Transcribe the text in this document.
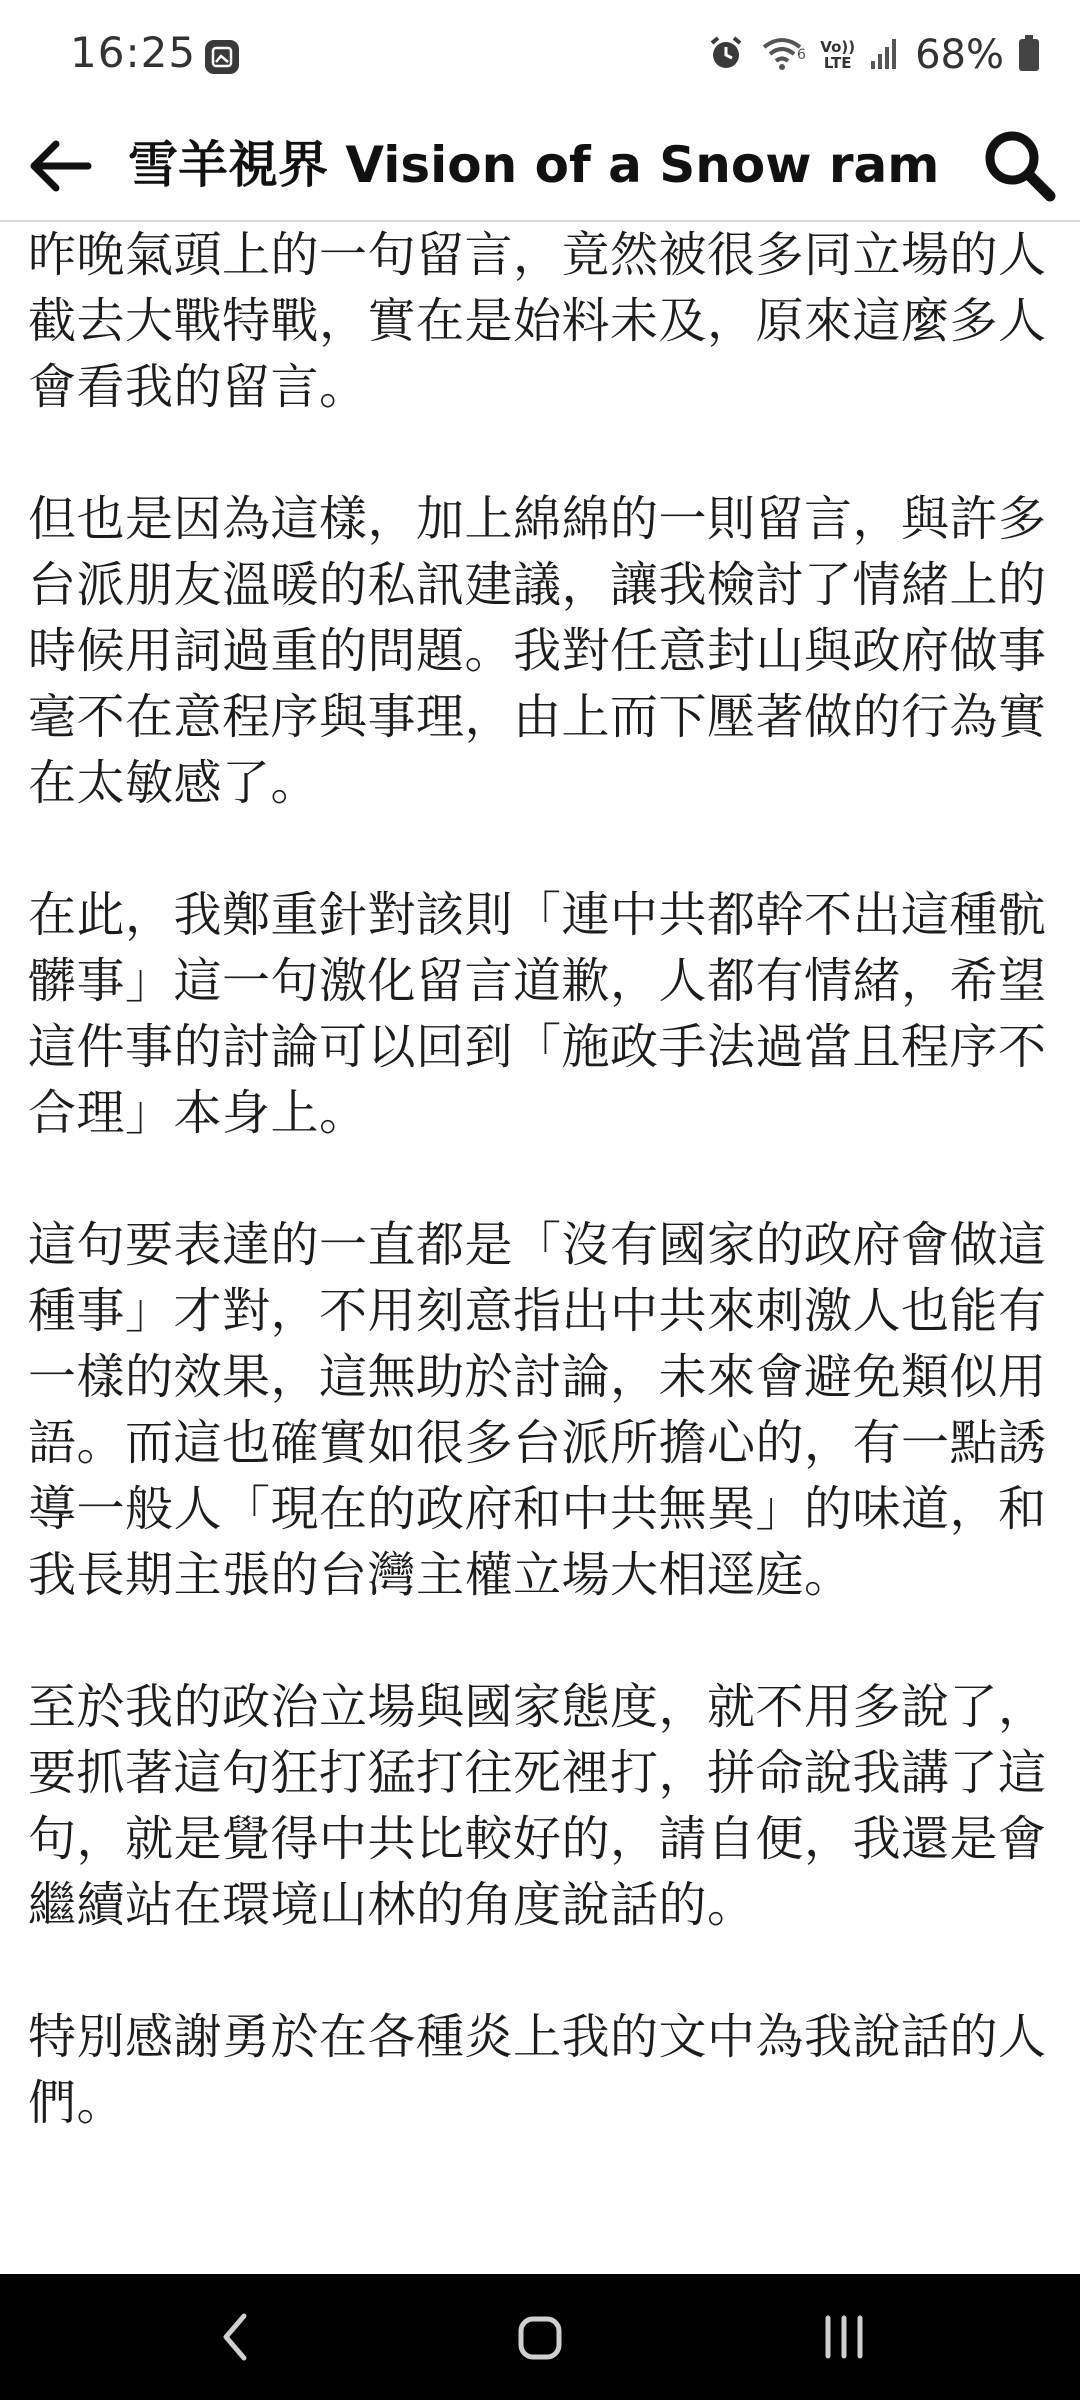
16:25	6 Vo))
LTE 68%
雪羊視界 Vision of a Snow ram

昨晚氣頭上的一句留言，竟然被很多同立場的人截去大戰特戰，實在是始料未及，原來這麼多人會看我的留言。

但也是因為這樣，加上綿綿的一則留言，與許多台派朋友溫暖的私訊建議，讓我檢討了情緒上的時候用詞過重的問題。我對任意封山與政府做事毫不在意程序與事理，由上而下壓著做的行為實在太敏感了。

在此，我鄭重針對該則「連中共都幹不出這種骯髒事」這一句激化留言道歉，人都有情緒，希望這件事的討論可以回到「施政手法過當且程序不合理」本身上。

這句要表達的一直都是「沒有國家的政府會做這種事」才對，不用刻意指出中共來刺激人也能有一樣的效果，這無助於討論，未來會避免類似用語。而這也確實如很多台派所擔心的，有一點誘導一般人「現在的政府和中共無異」的味道，和我長期主張的台灣主權立場大相逕庭。

至於我的政治立場與國家態度，就不用多說了，要抓著這句狂打猛打往死裡打，拼命說我講了這句，就是覺得中共比較好的，請自便，我還是會繼續站在環境山林的角度說話的。

特別感謝勇於在各種炎上我的文中為我說話的人們。
